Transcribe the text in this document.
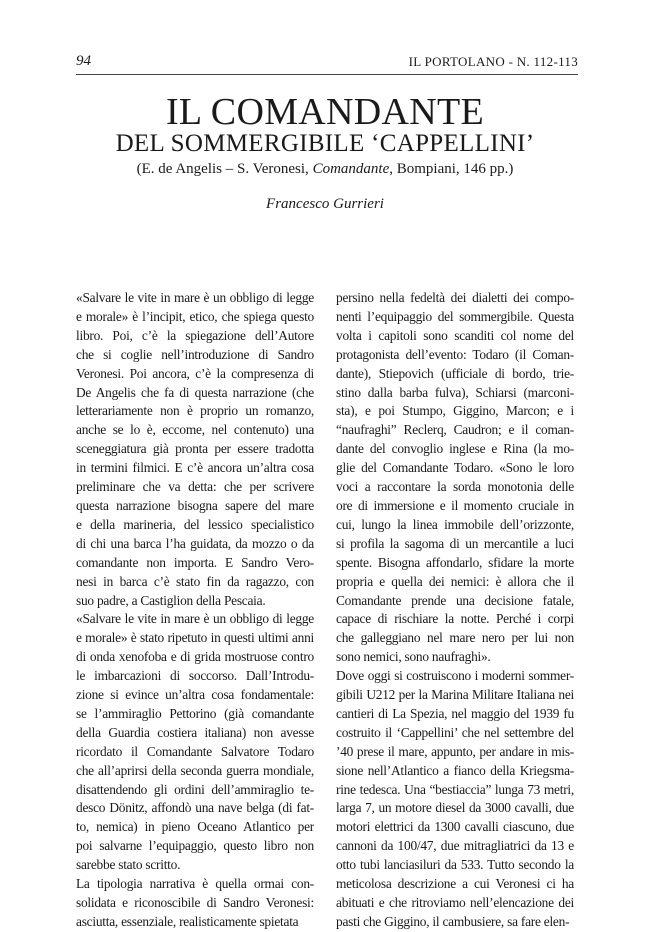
94	IL PORTOLANO - N. 112-113
IL COMANDANTE
DEL SOMMERGIBILE ‘CAPPELLINI’
(E. de Angelis – S. Veronesi, Comandante, Bompiani, 146 pp.)
Francesco Gurrieri
«Salvare le vite in mare è un obbligo di legge
e morale» è l’incipit, etico, che spiega questo
libro. Poi, c’è la spiegazione dell’Autore
che si coglie nell’introduzione di Sandro
Veronesi. Poi ancora, c’è la compresenza di
De Angelis che fa di questa narrazione (che
letterariamente non è proprio un romanzo,
anche se lo è, eccome, nel contenuto) una
sceneggiatura già pronta per essere tradotta
in termini filmici. E c’è ancora un’altra cosa
preliminare che va detta: che per scrivere
questa narrazione bisogna sapere del mare
e della marineria, del lessico specialistico
di chi una barca l’ha guidata, da mozzo o da
comandante non importa. E Sandro Vero-
nesi in barca c’è stato fin da ragazzo, con
suo padre, a Castiglion della Pescaia.
«Salvare le vite in mare è un obbligo di legge
e morale» è stato ripetuto in questi ultimi anni
di onda xenofoba e di grida mostruose contro
le imbarcazioni di soccorso. Dall’Introdu-
zione si evince un’altra cosa fondamentale:
se l’ammiraglio Pettorino (già comandante
della Guardia costiera italiana) non avesse
ricordato il Comandante Salvatore Todaro
che all’aprirsi della seconda guerra mondiale,
disattendendo gli ordini dell’ammiraglio te-
desco Dönitz, affondò una nave belga (di fat-
to, nemica) in pieno Oceano Atlantico per
poi salvarne l’equipaggio, questo libro non
sarebbe stato scritto.
La tipologia narrativa è quella ormai con-
solidata e riconoscibile di Sandro Veronesi:
asciutta, essenziale, realisticamente spietata
persino nella fedeltà dei dialetti dei compo-
nenti l’equipaggio del sommergibile. Questa
volta i capitoli sono scanditi col nome del
protagonista dell’evento: Todaro (il Coman-
dante), Stiepovich (ufficiale di bordo, trie-
stino dalla barba fulva), Schiarsi (marconi-
sta), e poi Stumpo, Giggino, Marcon; e i
“naufraghi” Reclerq, Caudron; e il coman-
dante del convoglio inglese e Rina (la mo-
glie del Comandante Todaro. «Sono le loro
voci a raccontare la sorda monotonia delle
ore di immersione e il momento cruciale in
cui, lungo la linea immobile dell’orizzonte,
si profila la sagoma di un mercantile a luci
spente. Bisogna affondarlo, sfidare la morte
propria e quella dei nemici: è allora che il
Comandante prende una decisione fatale,
capace di rischiare la notte. Perché i corpi
che galleggiano nel mare nero per lui non
sono nemici, sono naufraghi».
Dove oggi si costruiscono i moderni sommer-
gibili U212 per la Marina Militare Italiana nei
cantieri di La Spezia, nel maggio del 1939 fu
costruito il ‘Cappellini’ che nel settembre del
’40 prese il mare, appunto, per andare in mis-
sione nell’Atlantico a fianco della Kriegsma-
rine tedesca. Una “bestiaccia” lunga 73 metri,
larga 7, un motore diesel da 3000 cavalli, due
motori elettrici da 1300 cavalli ciascuno, due
cannoni da 100/47, due mitragliatrici da 13 e
otto tubi lanciasiluri da 533. Tutto secondo la
meticolosa descrizione a cui Veronesi ci ha
abituati e che ritroviamo nell’elencazione dei
pasti che Giggino, il cambusiere, sa fare elen-
